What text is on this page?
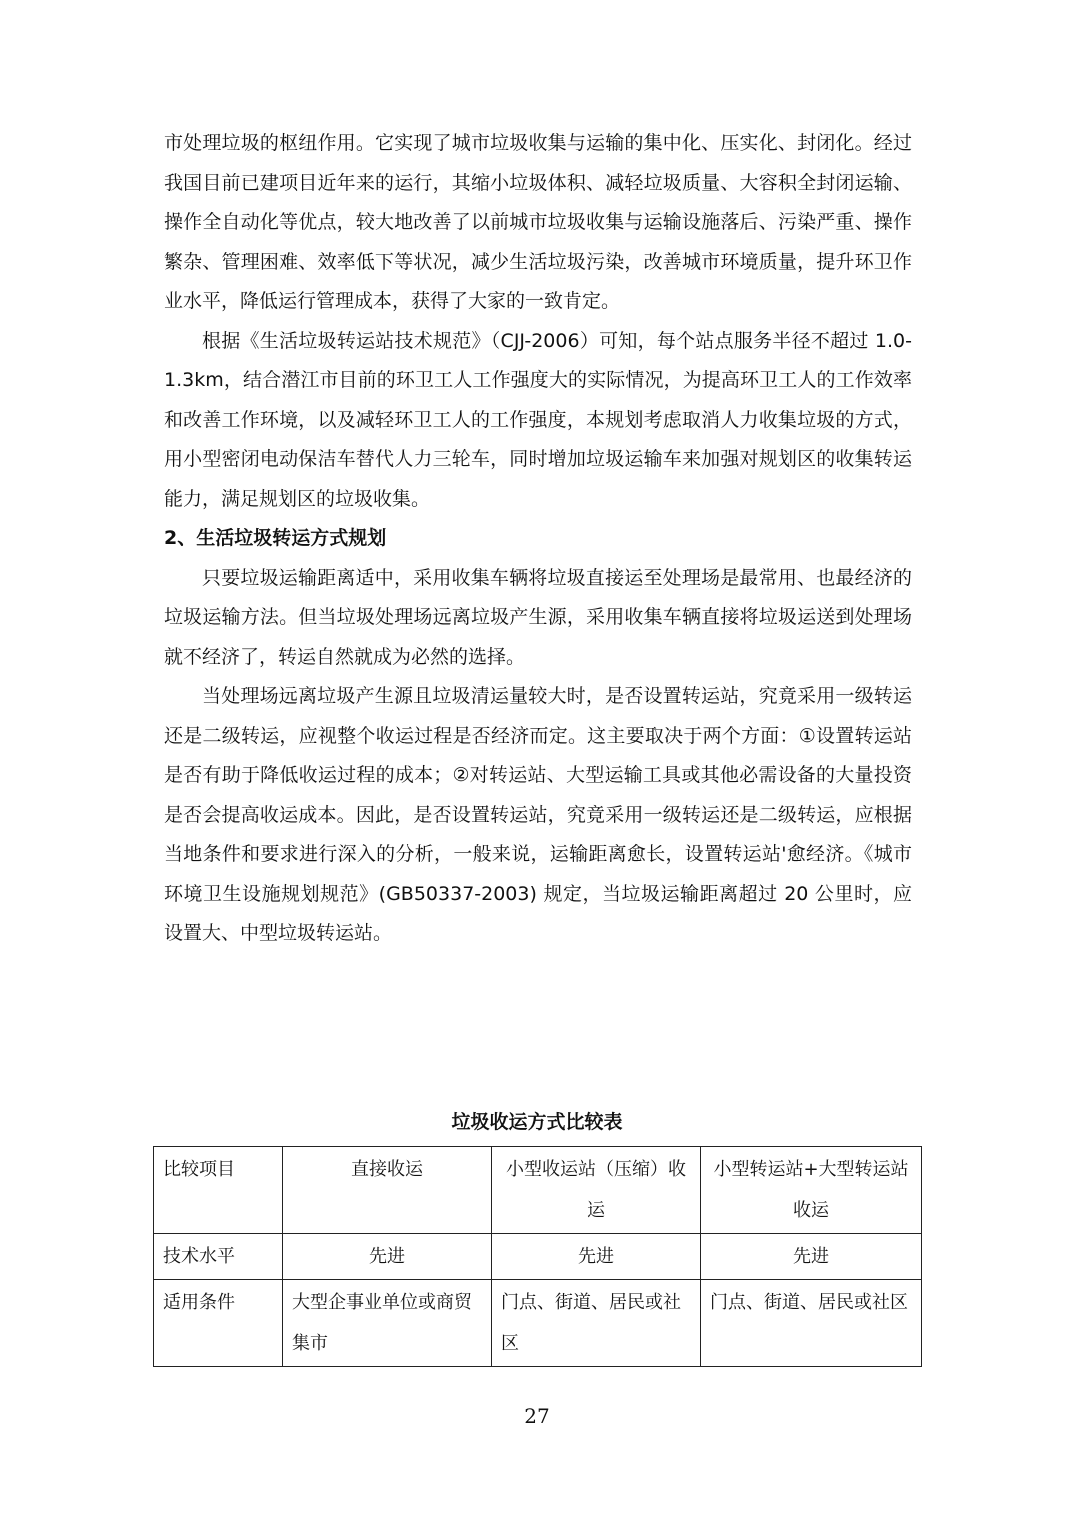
市处理垃圾的枢纽作用。它实现了城市垃圾收集与运输的集中化、压实化、封闭化。经过我国目前已建项目近年来的运行，其缩小垃圾体积、减轻垃圾质量、大容积全封闭运输、操作全自动化等优点，较大地改善了以前城市垃圾收集与运输设施落后、污染严重、操作繁杂、管理困难、效率低下等状况，减少生活垃圾污染，改善城市环境质量，提升环卫作业水平，降低运行管理成本，获得了大家的一致肯定。

根据《生活垃圾转运站技术规范》（CJJ-2006）可知，每个站点服务半径不超过 1.0-1.3km，结合潜江市目前的环卫工人工作强度大的实际情况，为提高环卫工人的工作效率和改善工作环境，以及减轻环卫工人的工作强度，本规划考虑取消人力收集垃圾的方式，用小型密闭电动保洁车替代人力三轮车，同时增加垃圾运输车来加强对规划区的收集转运能力，满足规划区的垃圾收集。

2、生活垃圾转运方式规划

只要垃圾运输距离适中，采用收集车辆将垃圾直接运至处理场是最常用、也最经济的垃圾运输方法。但当垃圾处理场远离垃圾产生源，采用收集车辆直接将垃圾运送到处理场就不经济了，转运自然就成为必然的选择。

当处理场远离垃圾产生源且垃圾清运量较大时，是否设置转运站，究竟采用一级转运还是二级转运，应视整个收运过程是否经济而定。这主要取决于两个方面：①设置转运站是否有助于降低收运过程的成本；②对转运站、大型运输工具或其他必需设备的大量投资是否会提高收运成本。因此，是否设置转运站，究竟采用一级转运还是二级转运，应根据当地条件和要求进行深入的分析，一般来说，运输距离愈长，设置转运站'愈经济。《城市环境卫生设施规划规范》(GB50337-2003) 规定，当垃圾运输距离超过 20 公里时，应设置大、中型垃圾转运站。

垃圾收运方式比较表
比较项目	直接收运	小型收运站（压缩）收运	小型转运站+大型转运站收运
技术水平	先进	先进	先进
适用条件	大型企事业单位或商贸集市	门点、街道、居民或社区	门点、街道、居民或社区
27
